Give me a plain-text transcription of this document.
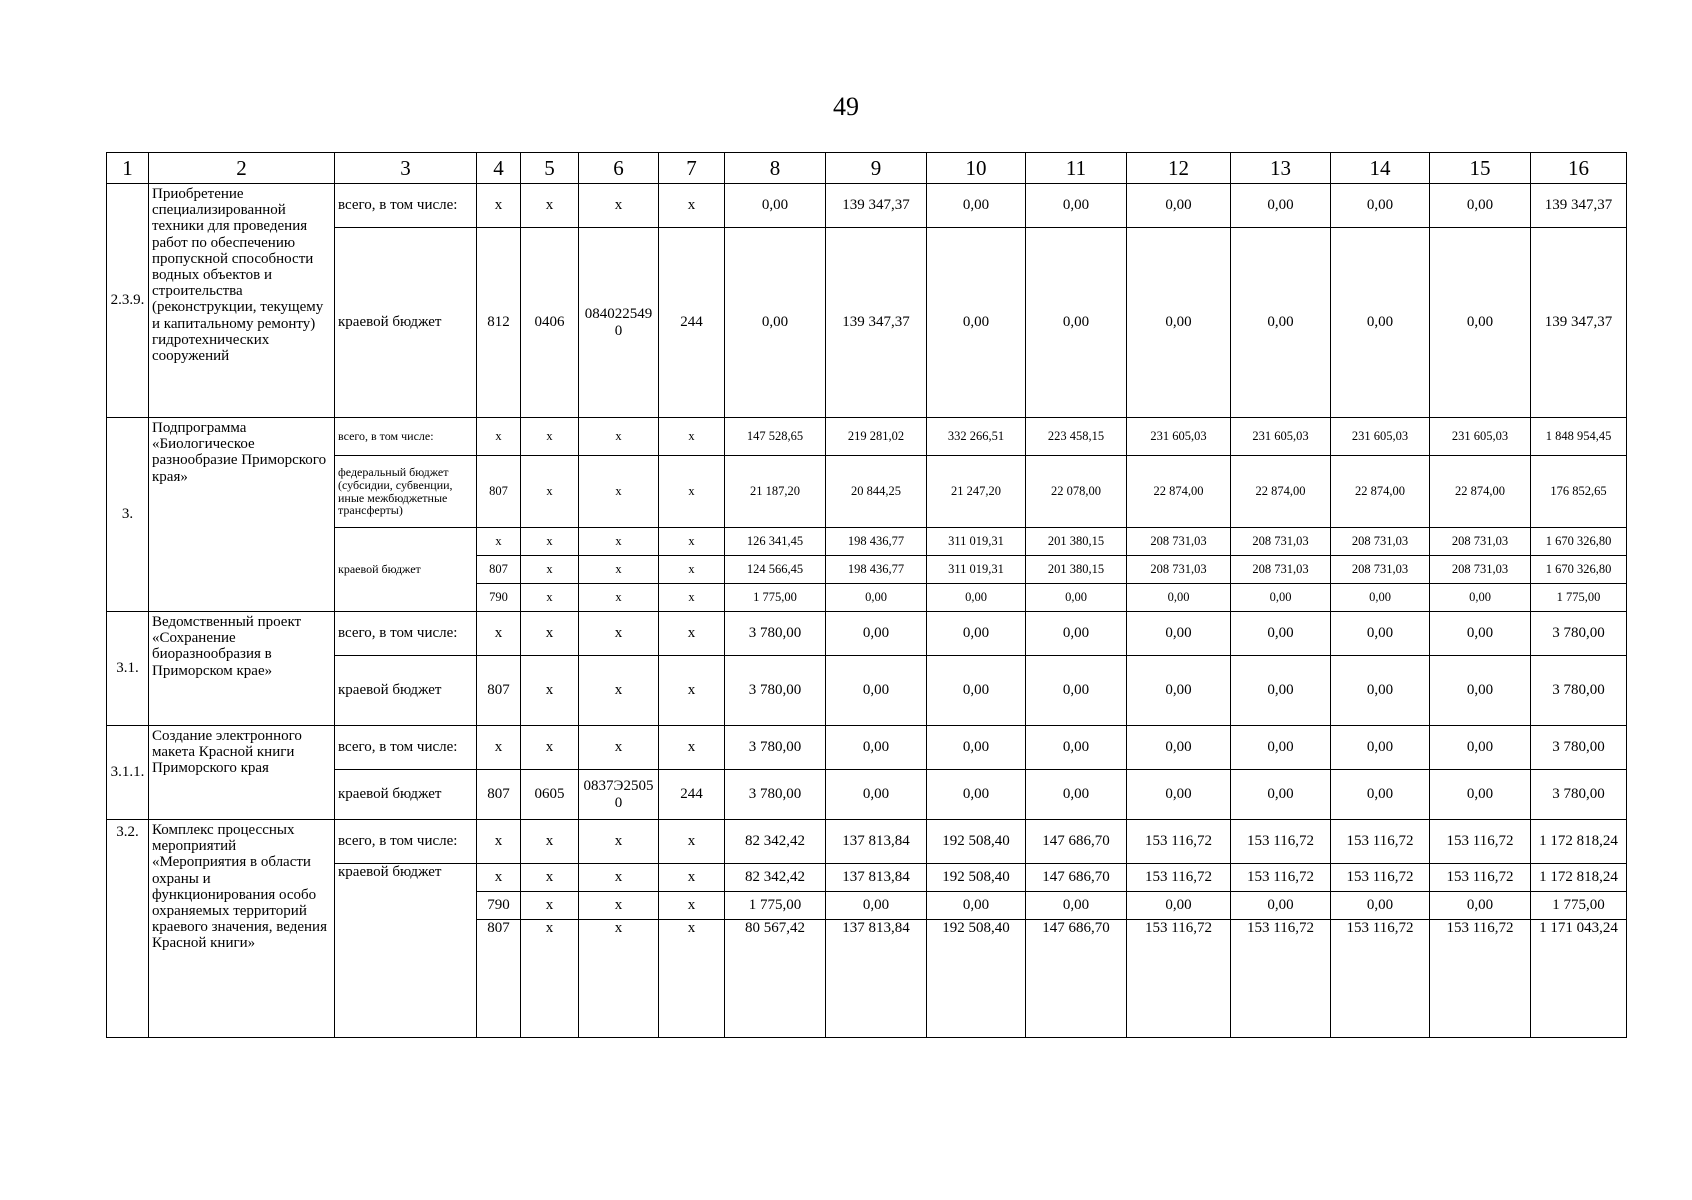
49
1	2	3	4	5	6	7	8	9	10	11	12	13	14	15	16
2.3.9.	Приобретение специализированной техники для проведения работ по обеспечению пропускной способности водных объектов и строительства (реконструкции, текущему и капитальному ремонту) гидротехнических сооружений	всего, в том числе:	x	x	x	x	0,00	139 347,37	0,00	0,00	0,00	0,00	0,00	0,00	139 347,37
		краевой бюджет	812	0406	0840225490	244	0,00	139 347,37	0,00	0,00	0,00	0,00	0,00	0,00	139 347,37
3.	Подпрограмма «Биологическое разнообразие Приморского края»	всего, в том числе:	x	x	x	x	147 528,65	219 281,02	332 266,51	223 458,15	231 605,03	231 605,03	231 605,03	231 605,03	1 848 954,45
		федеральный бюджет (субсидии, субвенции, иные межбюджетные трансферты)	807	x	x	x	21 187,20	20 844,25	21 247,20	22 078,00	22 874,00	22 874,00	22 874,00	22 874,00	176 852,65
		краевой бюджет	x	x	x	x	126 341,45	198 436,77	311 019,31	201 380,15	208 731,03	208 731,03	208 731,03	208 731,03	1 670 326,80
			807	x	x	x	124 566,45	198 436,77	311 019,31	201 380,15	208 731,03	208 731,03	208 731,03	208 731,03	1 670 326,80
			790	x	x	x	1 775,00	0,00	0,00	0,00	0,00	0,00	0,00	0,00	1 775,00
3.1.	Ведомственный проект «Сохранение биоразнообразия в Приморском крае»	всего, в том числе:	x	x	x	x	3 780,00	0,00	0,00	0,00	0,00	0,00	0,00	0,00	3 780,00
		краевой бюджет	807	x	x	x	3 780,00	0,00	0,00	0,00	0,00	0,00	0,00	0,00	3 780,00
3.1.1.	Создание электронного макета Красной книги Приморского края	всего, в том числе:	x	x	x	x	3 780,00	0,00	0,00	0,00	0,00	0,00	0,00	0,00	3 780,00
		краевой бюджет	807	0605	0837Э25050	244	3 780,00	0,00	0,00	0,00	0,00	0,00	0,00	0,00	3 780,00
3.2.	Комплекс процессных мероприятий «Мероприятия в области охраны и функционирования особо охраняемых территорий краевого значения, ведения Красной книги»	всего, в том числе:	x	x	x	x	82 342,42	137 813,84	192 508,40	147 686,70	153 116,72	153 116,72	153 116,72	153 116,72	1 172 818,24
		краевой бюджет	x	x	x	x	82 342,42	137 813,84	192 508,40	147 686,70	153 116,72	153 116,72	153 116,72	153 116,72	1 172 818,24
			790	x	x	x	1 775,00	0,00	0,00	0,00	0,00	0,00	0,00	0,00	1 775,00
			807	x	x	x	80 567,42	137 813,84	192 508,40	147 686,70	153 116,72	153 116,72	153 116,72	153 116,72	1 171 043,24
